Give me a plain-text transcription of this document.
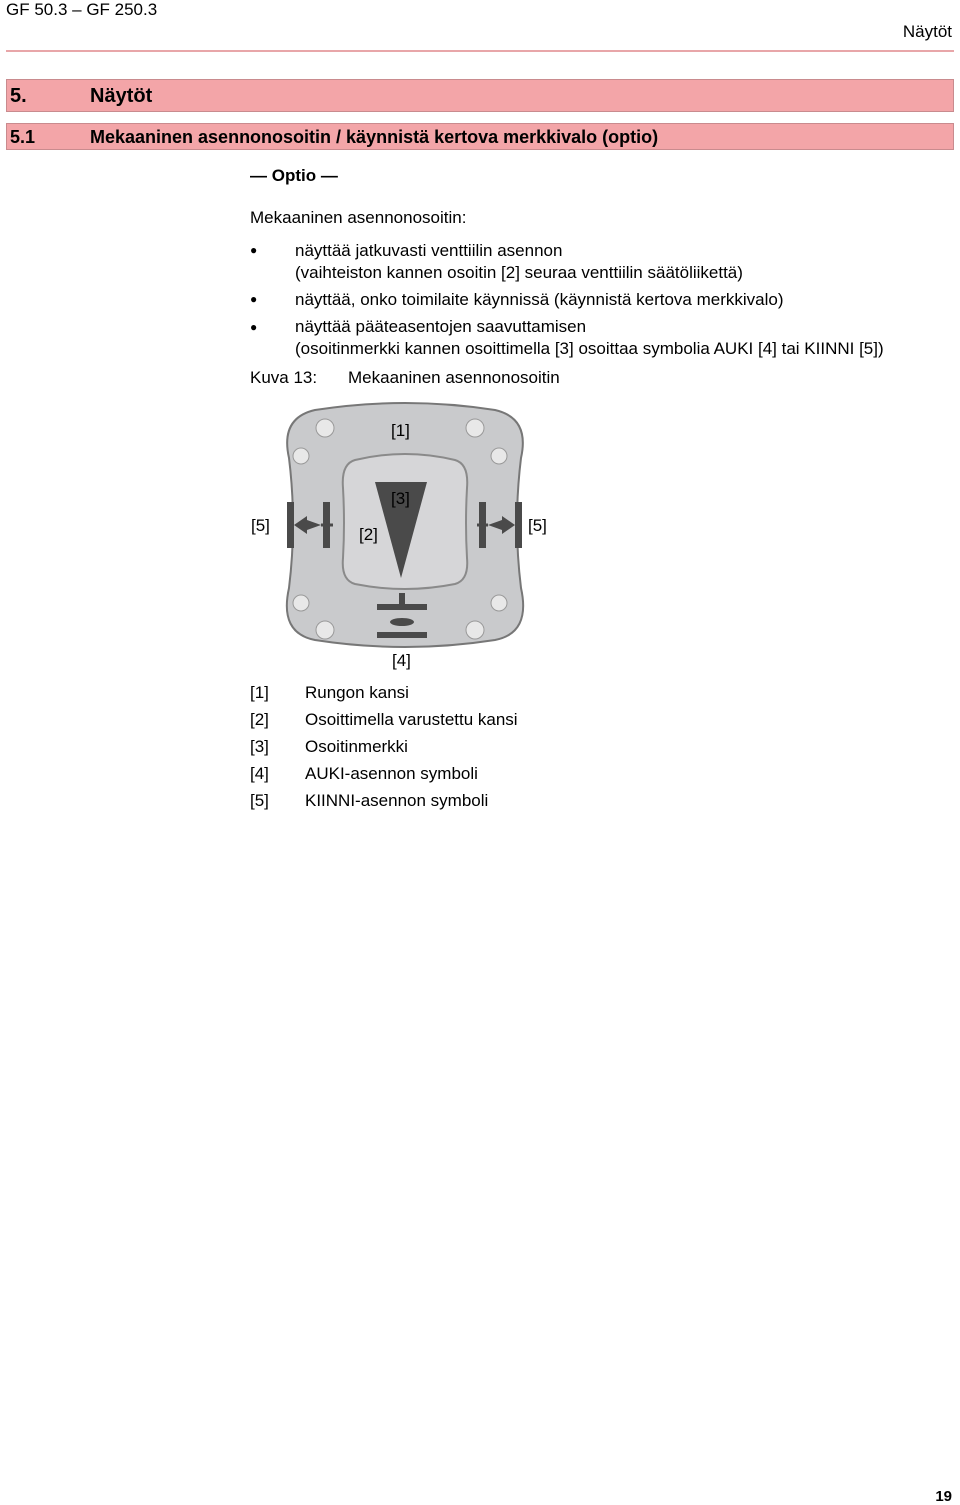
GF 50.3 – GF 250.3
Näytöt
5.	Näytöt
5.1	Mekaaninen asennonosoitin / käynnistä kertova merkkivalo (optio)
— Optio —
Mekaaninen asennonosoitin:
● näyttää jatkuvasti venttiilin asennon
(vaihteiston kannen osoitin [2] seuraa venttiilin säätöliikettä)
● näyttää, onko toimilaite käynnissä (käynnistä kertova merkkivalo)
● näyttää pääteasentojen saavuttamisen
(osoitinmerkki kannen osoittimella [3] osoittaa symbolia AUKI [4] tai KIINNI [5])
Kuva 13: Mekaaninen asennonosoitin
[1]
[3]
[2]
[5]	[5]
[4]
[1] Rungon kansi
[2] Osoittimella varustettu kansi
[3] Osoitinmerkki
[4] AUKI-asennon symboli
[5] KIINNI-asennon symboli
19
